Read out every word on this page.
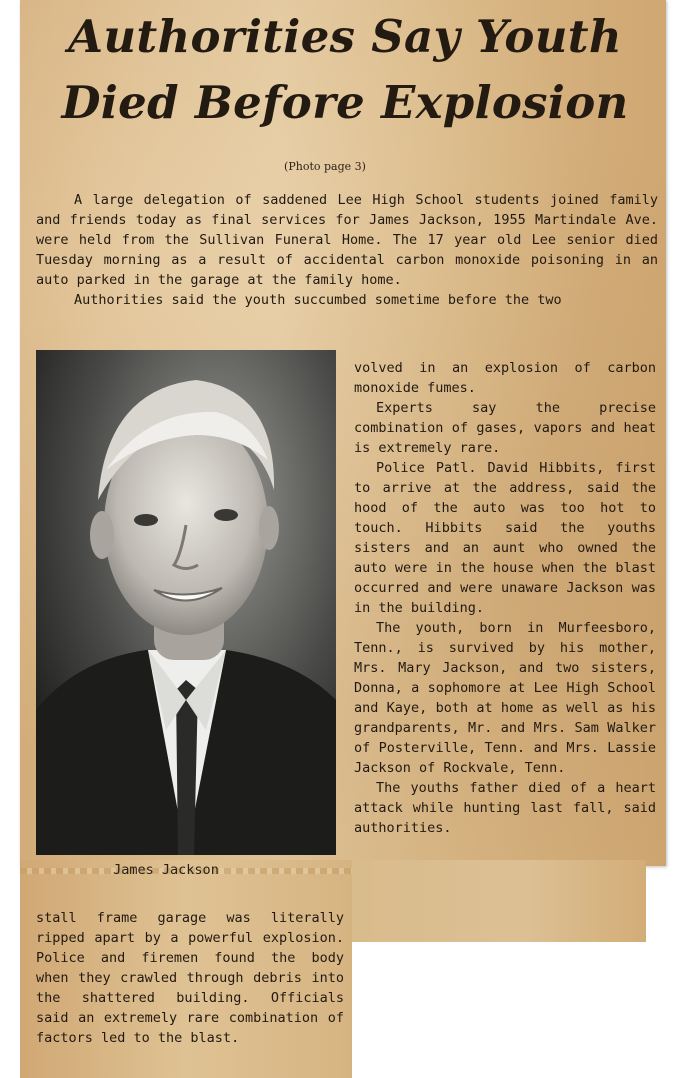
Authorities Say Youth
Died Before Explosion
(Photo page 3)

A large delegation of saddened Lee High School students joined family and friends today as final services for James Jackson, 1955 Martindale Ave. were held from the Sullivan Funeral Home. The 17 year old Lee senior died Tuesday morning as a result of accidental carbon monoxide poisoning in an auto parked in the garage at the family home.

Authorities said the youth succumbed sometime before the two

James Jackson

volved in an explosion of carbon monoxide fumes.

Experts say the precise combination of gases, vapors and heat is extremely rare.

Police Patl. David Hibbits, first to arrive at the address, said the hood of the auto was too hot to touch. Hibbits said the youths sisters and an aunt who owned the auto were in the house when the blast occurred and were unaware Jackson was in the building.

The youth, born in Murfeesboro, Tenn., is survived by his mother, Mrs. Mary Jackson, and two sisters, Donna, a sophomore at Lee High School and Kaye, both at home as well as his grandparents, Mr. and Mrs. Sam Walker of Posterville, Tenn. and Mrs. Lassie Jackson of Rockvale, Tenn.

The youths father died of a heart attack while hunting last fall, said authorities.

stall frame garage was literally ripped apart by a powerful explosion. Police and firemen found the body when they crawled through debris into the shattered building. Officials said an extremely rare combination of factors led to the blast.
